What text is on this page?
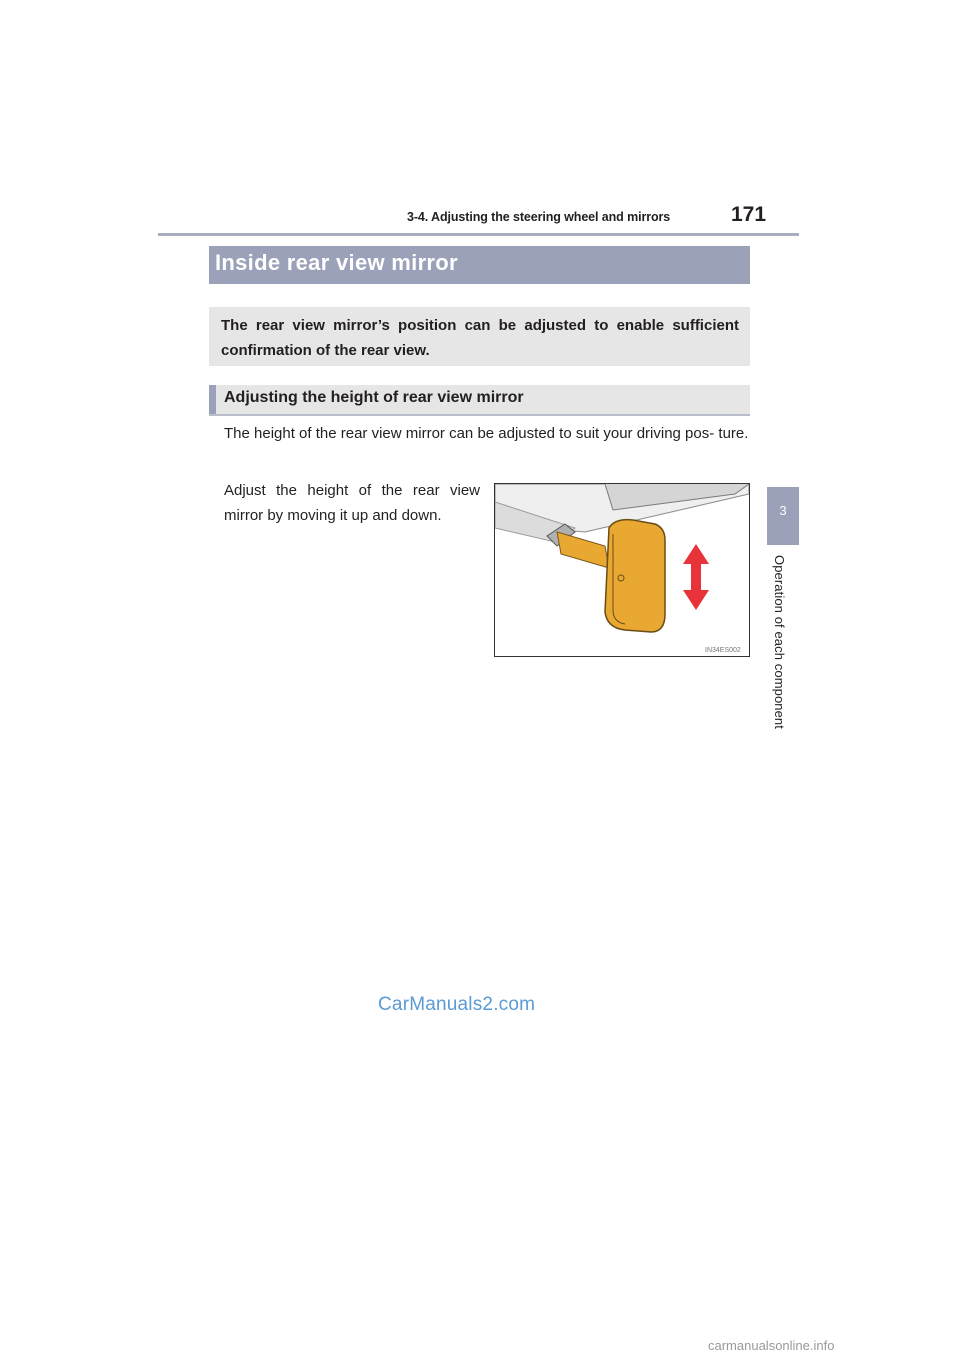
3-4. Adjusting the steering wheel and mirrors	171
3
Operation of each component
Inside rear view mirror

The rear view mirror’s position can be adjusted to enable sufficient confirmation of the rear view.

Adjusting the height of rear view mirror

The height of the rear view mirror can be adjusted to suit your driving pos- ture.

Adjust the height of the rear view mirror by moving it up and down.

IN34ES002
CarManuals2.com
carmanualsonline.info
